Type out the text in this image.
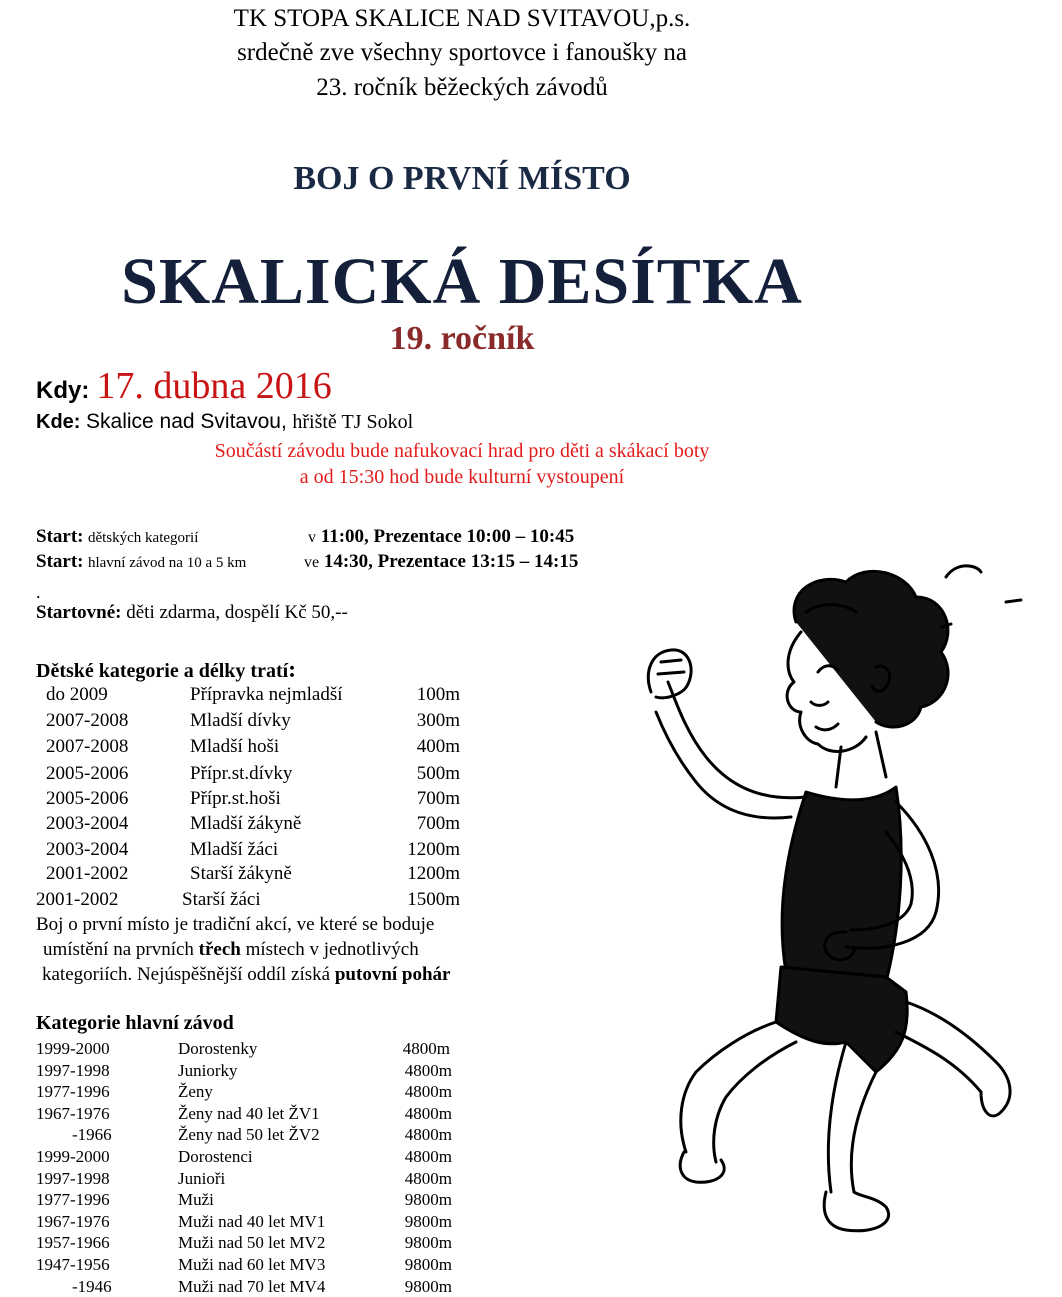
TK STOPA SKALICE NAD SVITAVOU,p.s.
srdečně zve všechny sportovce i fanoušky na
23. ročník běžeckých závodů
BOJ O PRVNÍ MÍSTO
SKALICKÁ DESÍTKA
19. ročník
Kdy: 17. dubna 2016
Kde: Skalice nad Svitavou, hřiště TJ Sokol
Součástí závodu bude nafukovací hrad pro děti a skákací boty
a od 15:30 hod bude kulturní vystoupení
Start: dětských kategorií	v 11:00, Prezentace 10:00 – 10:45
Start: hlavní závod na 10 a 5 km	ve 14:30, Prezentace 13:15 – 14:15
.
Startovné: děti zdarma, dospělí Kč 50,--
Dětské kategorie a délky tratí:
do 2009	Přípravka nejmladší	100m
2007-2008	Mladší dívky	300m
2007-2008	Mladší hoši	400m
2005-2006	Přípr.st.dívky	500m
2005-2006	Přípr.st.hoši	700m
2003-2004	Mladší žákyně	700m
2003-2004	Mladší žáci	1200m
2001-2002	Starší žákyně	1200m
2001-2002	Starší žáci	1500m
Boj o první místo je tradiční akcí, ve které se boduje
umístění na prvních třech místech v jednotlivých
kategoriích. Nejúspěšnější oddíl získá putovní pohár
Kategorie hlavní závod
1999-2000	Dorostenky	4800m
1997-1998	Juniorky	4800m
1977-1996	Ženy	4800m
1967-1976	Ženy nad 40 let ŽV1	4800m
-1966	Ženy nad 50 let ŽV2	4800m
1999-2000	Dorostenci	4800m
1997-1998	Junioři	4800m
1977-1996	Muži	9800m
1967-1976	Muži nad 40 let MV1	9800m
1957-1966	Muži nad 50 let MV2	9800m
1947-1956	Muži nad 60 let MV3	9800m
-1946	Muži nad 70 let MV4	9800m
